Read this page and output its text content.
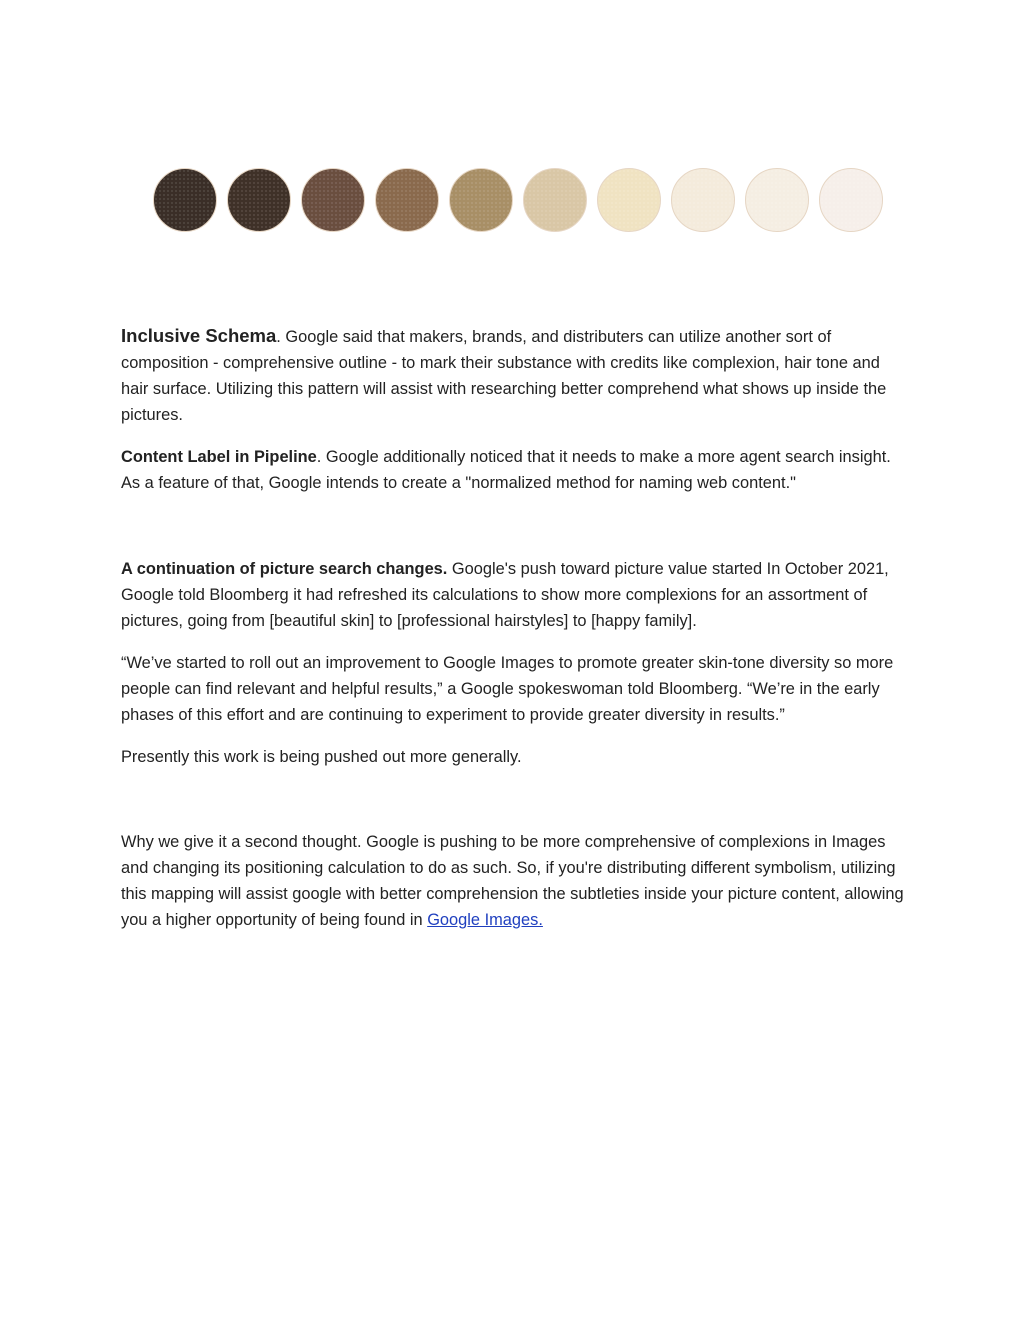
Inclusive Schema. Google said that makers, brands, and distributers can utilize another sort of composition - comprehensive outline - to mark their substance with credits like complexion, hair tone and hair surface. Utilizing this pattern will assist with researching better comprehend what shows up inside the pictures.

Content Label in Pipeline. Google additionally noticed that it needs to make a more agent search insight. As a feature of that, Google intends to create a "normalized method for naming web content."

A continuation of picture search changes. Google's push toward picture value started In October 2021, Google told Bloomberg it had refreshed its calculations to show more complexions for an assortment of pictures, going from [beautiful skin] to [professional hairstyles] to [happy family].

“We’ve started to roll out an improvement to Google Images to promote greater skin-tone diversity so more people can find relevant and helpful results,” a Google spokeswoman told Bloomberg. “We’re in the early phases of this effort and are continuing to experiment to provide greater diversity in results.”

Presently this work is being pushed out more generally.

Why we give it a second thought. Google is pushing to be more comprehensive of complexions in Images and changing its positioning calculation to do as such. So, if you're distributing different symbolism, utilizing this mapping will assist google with better comprehension the subtleties inside your picture content, allowing you a higher opportunity of being found in Google Images.
